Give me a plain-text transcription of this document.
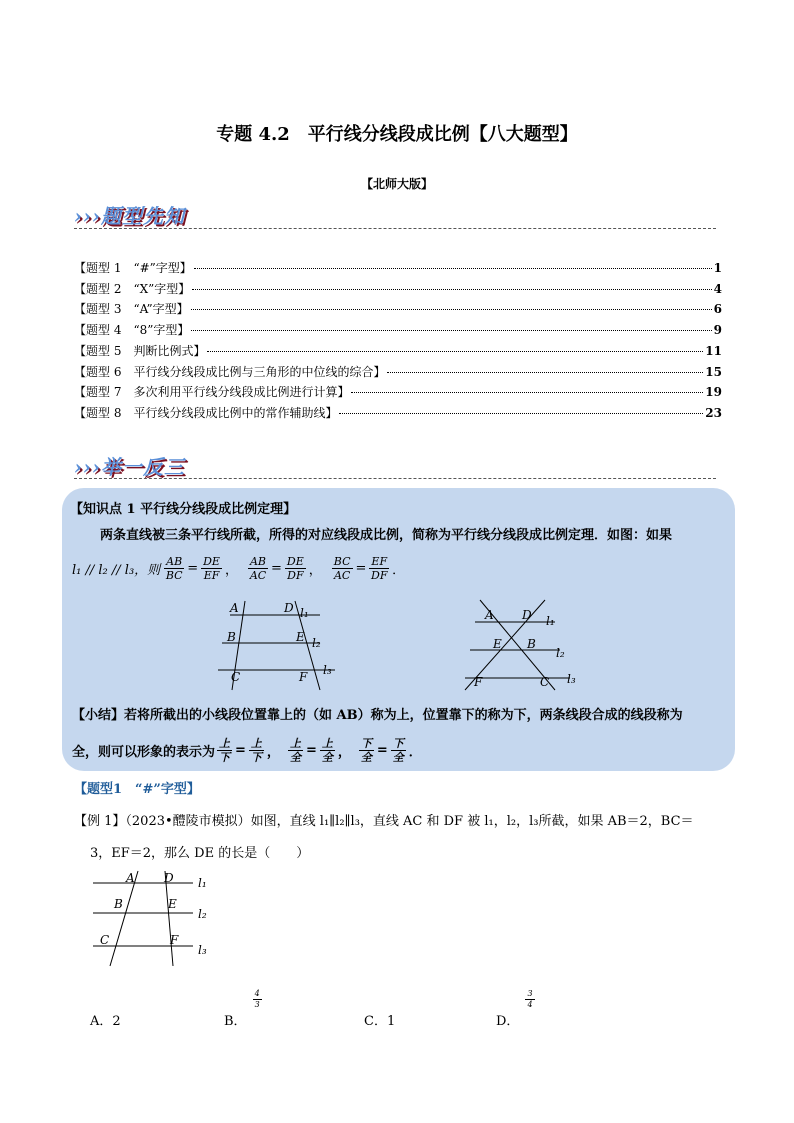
专题 4.2　平行线分线段成比例【八大题型】
【北师大版】
›››题型先知
【题型 1　“#”字型】	1
【题型 2　“X”字型】	4
【题型 3　“A”字型】	6
【题型 4　“8”字型】	9
【题型 5　判断比例式】	11
【题型 6　平行线分线段成比例与三角形的中位线的综合】	15
【题型 7　多次利用平行线分线段成比例进行计算】	19
【题型 8　平行线分线段成比例中的常作辅助线】	23
›››举一反三
【知识点 1 平行线分线段成比例定理】
两条直线被三条平行线所截，所得的对应线段成比例，简称为平行线分线段成比例定理．如图：如果
l₁ // l₂ // l₃，则 $\frac{AB}{BC} = \frac{DE}{EF}$ ， $\frac{AB}{AC} = \frac{DE}{DF}$ ， $\frac{BC}{AC} = \frac{EF}{DF}$ ．
A	D l₁
B	E l₂
C	F l₃
A D l₁
E B
l₂
F	C l₃
【小结】若将所截出的小线段位置靠上的（如 AB）称为上，位置靠下的称为下，两条线段合成的线段称为
全，则可以形象的表示为 $\frac{\text{上}}{\text{下}} = \frac{\text{上}}{\text{下}}$ ， $\frac{\text{上}}{\text{全}} = \frac{\text{上}}{\text{全}}$ ， $\frac{\text{下}}{\text{全}} = \frac{\text{下}}{\text{全}}$ ．
【题型1　“#”字型】
【例 1】（2023•醴陵市模拟）如图，直线 l₁∥l₂∥l₃，直线 AC 和 DF 被 l₁，l₂，l₃所截，如果 AB＝2，BC＝
3，EF＝2，那么 DE 的长是（　　）
A D l₁
B	E
l₂
C	F
l₃
A．2	B．
$\frac{4}{3}$
C．1	D．
$\frac{3}{4}$
